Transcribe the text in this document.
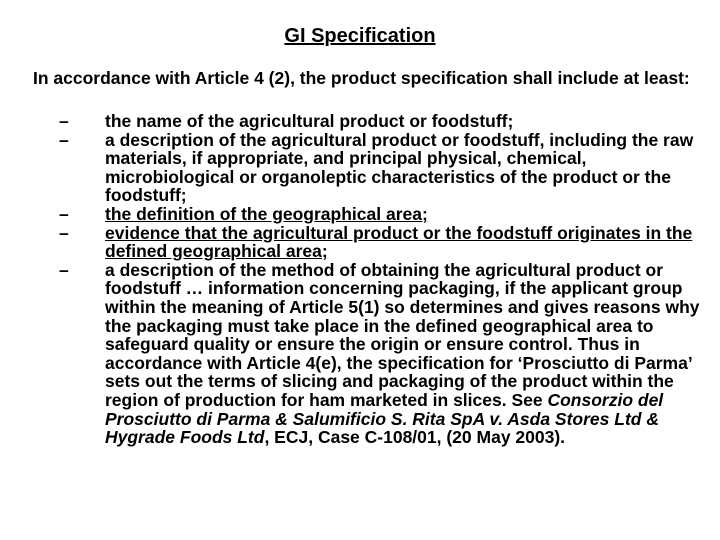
GI Specification

In accordance with Article 4 (2), the product specification shall include at least:

– the name of the agricultural product or foodstuff;
– a description of the agricultural product or foodstuff, including the raw materials, if appropriate, and principal physical, chemical, microbiological or organoleptic characteristics of the product or the foodstuff;
– the definition of the geographical area;
– evidence that the agricultural product or the foodstuff originates in the defined geographical area;
– a description of the method of obtaining the agricultural product or foodstuff … information concerning packaging, if the applicant group within the meaning of Article 5(1) so determines and gives reasons why the packaging must take place in the defined geographical area to safeguard quality or ensure the origin or ensure control. Thus in accordance with Article 4(e), the specification for ‘Prosciutto di Parma’ sets out the terms of slicing and packaging of the product within the region of production for ham marketed in slices. See Consorzio del Prosciutto di Parma & Salumificio S. Rita SpA v. Asda Stores Ltd & Hygrade Foods Ltd, ECJ, Case C-108/01, (20 May 2003).
